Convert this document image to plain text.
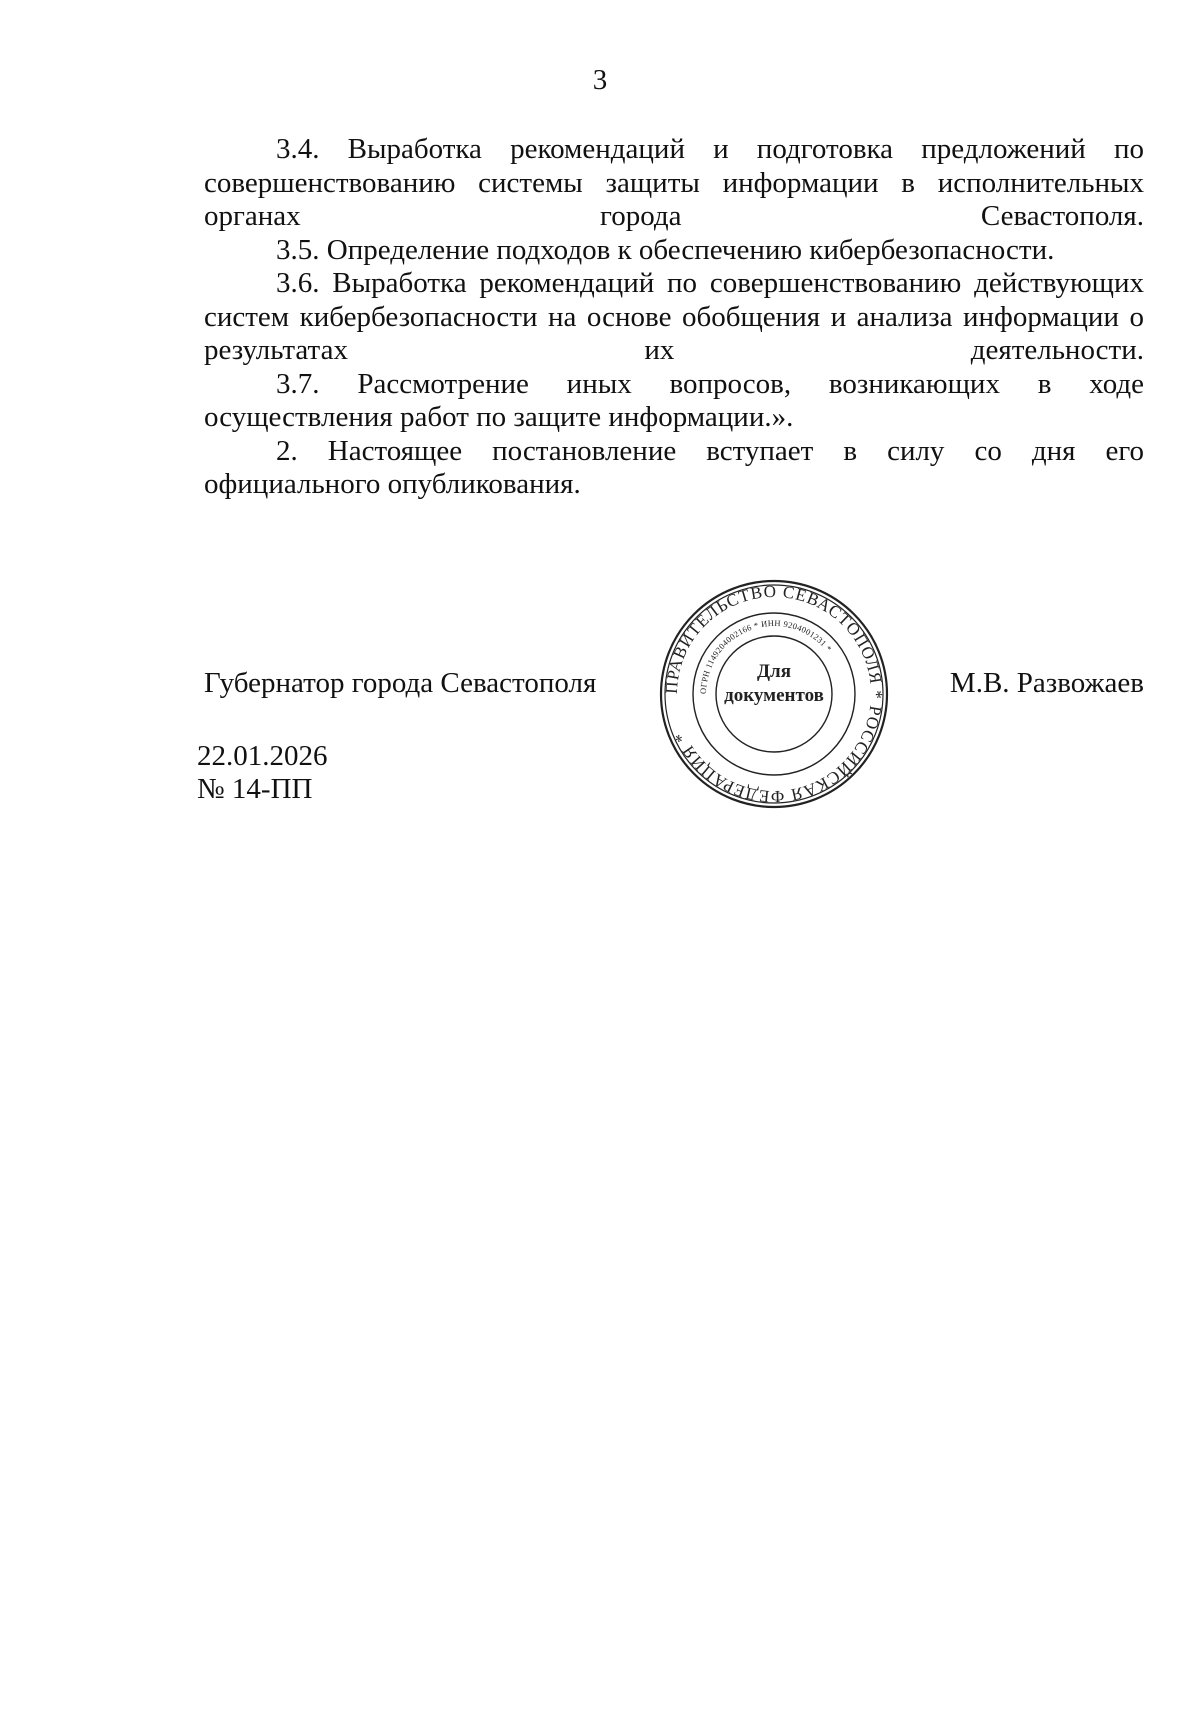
3

3.4. Выработка рекомендаций и подготовка предложений по совершенствованию системы защиты информации в исполнительных органах города Севастополя.

3.5. Определение подходов к обеспечению кибербезопасности.

3.6. Выработка рекомендаций по совершенствованию действующих систем кибербезопасности на основе обобщения и анализа информации о результатах их деятельности.

3.7. Рассмотрение иных вопросов, возникающих в ходе осуществления работ по защите информации.».

2. Настоящее постановление вступает в силу со дня его официального опубликования.

Губернатор города Севастополя	М.В. Развожаев
22.01.2026
№ 14-ПП
ПРАВИТЕЛЬСТВО СЕВАСТОПОЛЯ * РОССИЙСКАЯ ФЕДЕРАЦИЯ *
ОГРН 1149204002166 * ИНН 9204001231 *
Для
документов
